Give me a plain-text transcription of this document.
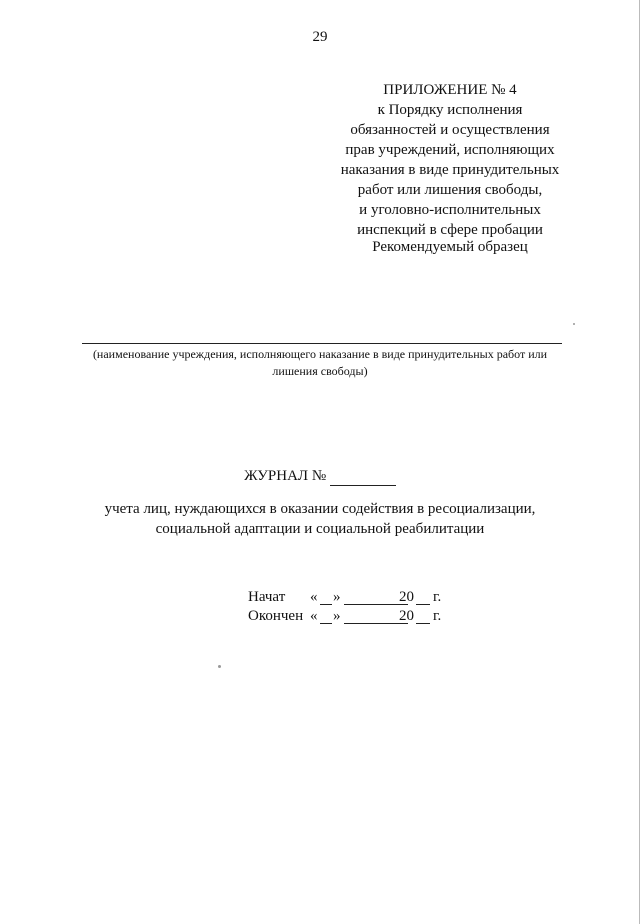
29
ПРИЛОЖЕНИЕ № 4
к Порядку исполнения
обязанностей и осуществления
прав учреждений, исполняющих
наказания в виде принудительных
работ или лишения свободы,
и уголовно-исполнительных
инспекций в сфере пробации
Рекомендуемый образец
(наименование учреждения, исполняющего наказание в виде принудительных работ или лишения свободы)
ЖУРНАЛ №
учета лиц, нуждающихся в оказании содействия в ресоциализации,
социальной адаптации и социальной реабилитации
Начат « »	20 г.
Окончен « »	20 г.
